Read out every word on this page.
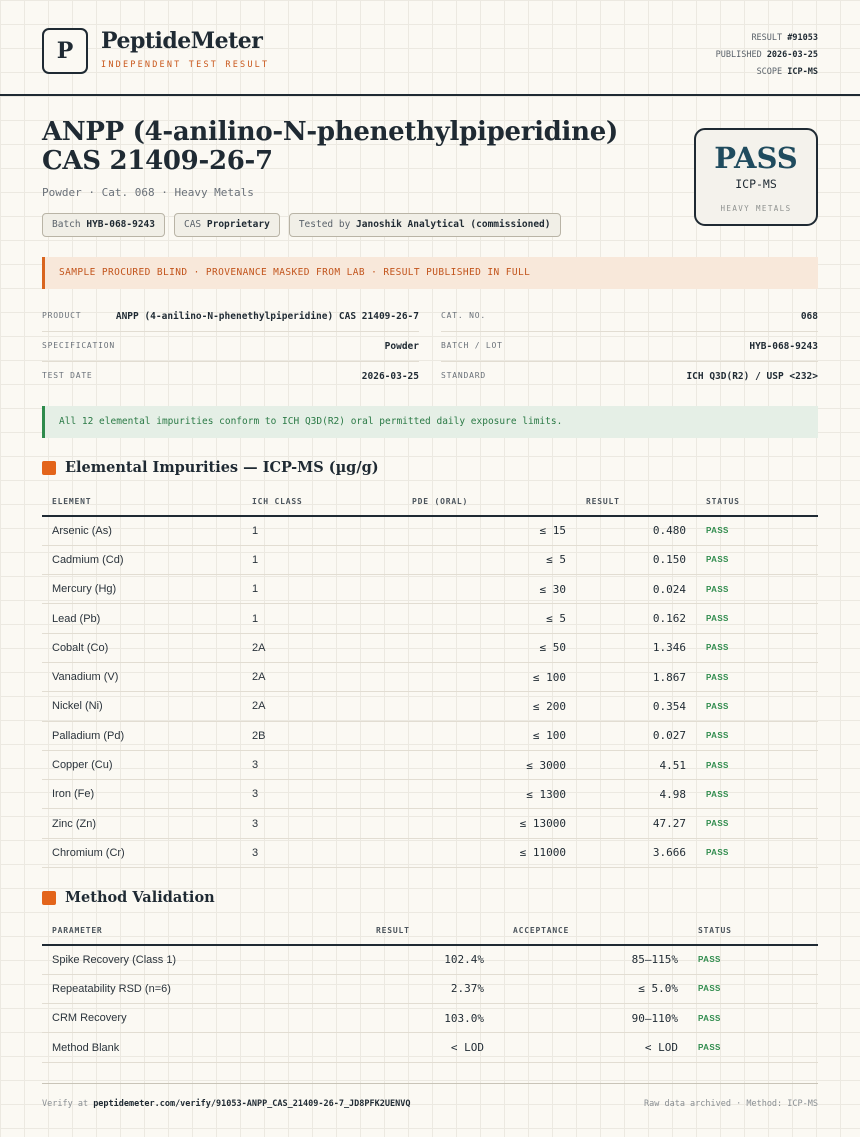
P	PeptideMeter
INDEPENDENT TEST RESULT
RESULT #91053
PUBLISHED 2026-03-25
SCOPE ICP-MS
ANPP (4-anilino-N-phenethylpiperidine) CAS 21409-26-7
Powder · Cat. 068 · Heavy Metals
Batch HYB-068-9243	CAS Proprietary	Tested by Janoshik Analytical (commissioned)
PASS
ICP-MS
HEAVY METALS
SAMPLE PROCURED BLIND · PROVENANCE MASKED FROM LAB · RESULT PUBLISHED IN FULL
PRODUCT	ANPP (4-anilino-N-phenethylpiperidine) CAS 21409-26-7
SPECIFICATION	Powder
TEST DATE	2026-03-25
CAT. NO.	068
BATCH / LOT	HYB-068-9243
STANDARD	ICH Q3D(R2) / USP <232>
All 12 elemental impurities conform to ICH Q3D(R2) oral permitted daily exposure limits.
Elemental Impurities — ICP-MS (µg/g)
ELEMENT	ICH CLASS	PDE (ORAL)	RESULT	STATUS
Arsenic (As)	1	≤ 15	0.480	PASS
Cadmium (Cd)	1	≤ 5	0.150	PASS
Mercury (Hg)	1	≤ 30	0.024	PASS
Lead (Pb)	1	≤ 5	0.162	PASS
Cobalt (Co)	2A	≤ 50	1.346	PASS
Vanadium (V)	2A	≤ 100	1.867	PASS
Nickel (Ni)	2A	≤ 200	0.354	PASS
Palladium (Pd)	2B	≤ 100	0.027	PASS
Copper (Cu)	3	≤ 3000	4.51	PASS
Iron (Fe)	3	≤ 1300	4.98	PASS
Zinc (Zn)	3	≤ 13000	47.27	PASS
Chromium (Cr)	3	≤ 11000	3.666	PASS
Method Validation
PARAMETER	RESULT	ACCEPTANCE	STATUS
Spike Recovery (Class 1)	102.4%	85–115%	PASS
Repeatability RSD (n=6)	2.37%	≤ 5.0%	PASS
CRM Recovery	103.0%	90–110%	PASS
Method Blank	< LOD	< LOD	PASS
Verify at peptidemeter.com/verify/91053-ANPP_CAS_21409-26-7_JD8PFK2UENVQ	Raw data archived · Method: ICP-MS
